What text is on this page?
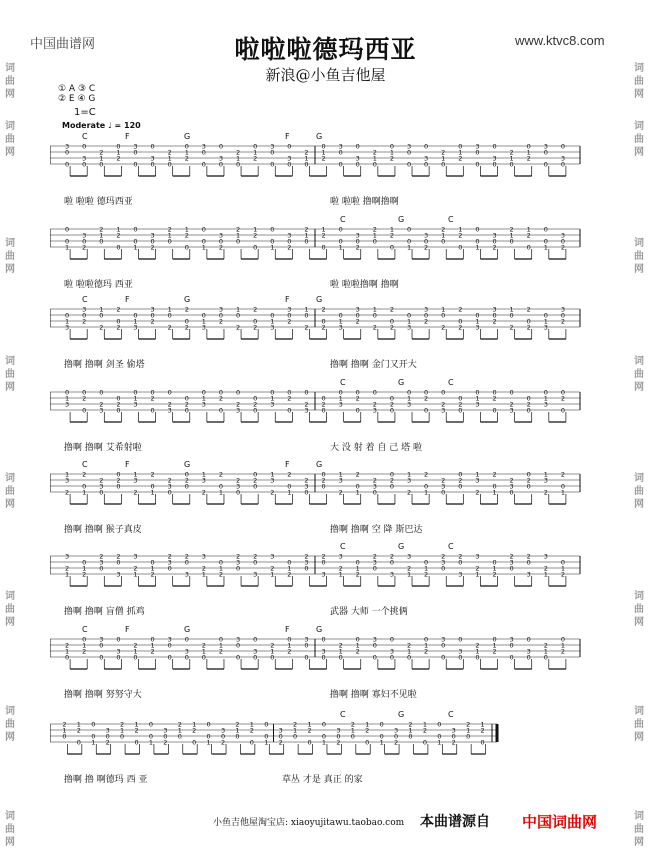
中国曲谱网	www.ktvc8.com
啦啦啦德玛西亚
新浪@小鱼吉他屋
① A ③ C
② E ④ G
1=C
Moderate ♩ = 120
词
曲
网
词
曲
网
词
曲
网
词
曲
网
词
曲
网
词
曲
网
词
曲
网
词
曲
网
词
曲
网
词
曲
网
词
曲
网
词
曲
网
词
曲
网
词
曲
网
词
曲
网
词
曲
网
C	F	G	F	G
3
0
0
0
3
0
2
1
0
0
1
2
3
0
0
0
3
0
2
1
0
0
1
2
3
0
0
0
3
0
2
1
0
0
1
2
3
0
0
0
3
0
2
1
0
0
1
2
3
0
0
0
3
0
2
1
0
0
1
2
3
0
0
0
3
0
2
1
0
0
1
2
3
0
0
0
3
0
2
1
0
0
1
2
3
0
0
0
3
0
啦 啦啦 德玛西亚	啦 啦啦 撸啊撸啊
C	G	C
0
0
1
3
0
2
2
1
0
1
2
0
0
0
1
3
0
2
2
1
0
1
2
0
0
0
1
3
0
2
2
1
0
1
2
0
0
0
1
3
0
2
2
1
0
1
2
0
0
0
1
3
0
2
2
1
0
1
2
0
0
0
1
3
0
2
2
1
0
1
2
0
0
0
1
3
0
2
2
1
0
1
2
0
0
0
1
3
0
2
啦 啦啦德玛 西亚	啦 啦啦撸啊 撸啊
C	F	G	F	G
0
1
3
3
0
2
1
0
2
2
0
2
0
1
3
3
0
2
1
0
2
2
0
2
0
1
3
3
0
2
1
0
2
2
0
2
0
1
3
3
0
2
1
0
2
2
0
2
0
1
3
3
0
2
1
0
2
2
0
2
0
1
3
3
0
2
1
0
2
2
0
2
0
1
3
3
0
2
1
0
2
2
0
2
0
1
3
3
0
2
撸啊 撸啊 剑圣 偷塔	撸啊 撸啊 金门又开大
C	G	C
0
1
3
0
2
0
0
2
3
0
2
0
0
1
3
0
2
0
0
2
3
0
2
0
0
1
3
0
2
0
0
2
3
0
2
0
0
1
3
0
2
0
0
2
3
0
2
0
0
1
3
0
2
0
0
2
3
0
2
0
0
1
3
0
2
0
0
2
3
0
2
0
0
1
3
0
2
0
0
2
3
0
2
0
0
1
3
0
2
0
撸啊 撸啊 艾希射啦	大 没 射 着 自 己 塔 啦
C	F	G	F	G
1
3
2
2
0
1
2
3
0
0
2
0
1
3
2
2
0
1
2
3
0
0
2
0
1
3
2
2
0
1
2
3
0
0
2
0
1
3
2
2
0
1
2
3
0
0
2
0
1
3
2
2
0
1
2
3
0
0
2
0
1
3
2
2
0
1
2
3
0
0
2
0
1
3
2
2
0
1
2
3
0
0
2
0
1
3
2
2
0
1
撸啊 撸啊 猴子真皮	撸啊 撸啊 空 降 斯巴达
C	G	C
3
2
1
0
1
2
2
3
0
2
0
3
3
2
1
0
1
2
2
3
0
2
0
3
3
2
1
0
1
2
2
3
0
2
0
3
3
2
1
0
1
2
2
3
0
2
0
3
3
2
1
0
1
2
2
3
0
2
0
3
3
2
1
0
1
2
2
3
0
2
0
3
3
2
1
0
1
2
2
3
0
2
0
3
3
2
1
0
1
2
撸啊 撸啊 盲僧 抓鸡	武器 大师 一个挑俩
C	F	G	F	G
2
1
0
0
1
2
3
0
0
0
3
0
2
1
0
0
1
2
3
0
0
0
3
0
2
1
0
0
1
2
3
0
0
0
3
0
2
1
0
0
1
2
3
0
0
0
3
0
2
1
0
0
1
2
3
0
0
0
3
0
2
1
0
0
1
2
3
0
0
0
3
0
2
1
0
0
1
2
3
0
0
0
3
0
2
1
0
0
1
2
撸啊 撸啊 努努守大	撸啊 撸啊 寡妇不见啦
C	G	C
2
1
0
1
2
0
0
0
1
3
0
2
2
1
0
1
2
0
0
0
1
3
0
2
2
1
0
1
2
0
0
0
1
3
0
2
2
1
0
1
2
0
0
0
1
3
0
2
2
1
0
1
2
0
0
0
1
3
0
2
2
1
0
1
2
0
0
0
1
3
0
2
2
1
0
1
2
0
0
0
1
3
0
2
2
1
0
1
2
0
撸啊 撸 啊德玛 西 亚	草丛 才是 真正 的家
小鱼吉他屋淘宝店: xiaoyujitawu.taobao.com 本曲谱源自 中国词曲网
